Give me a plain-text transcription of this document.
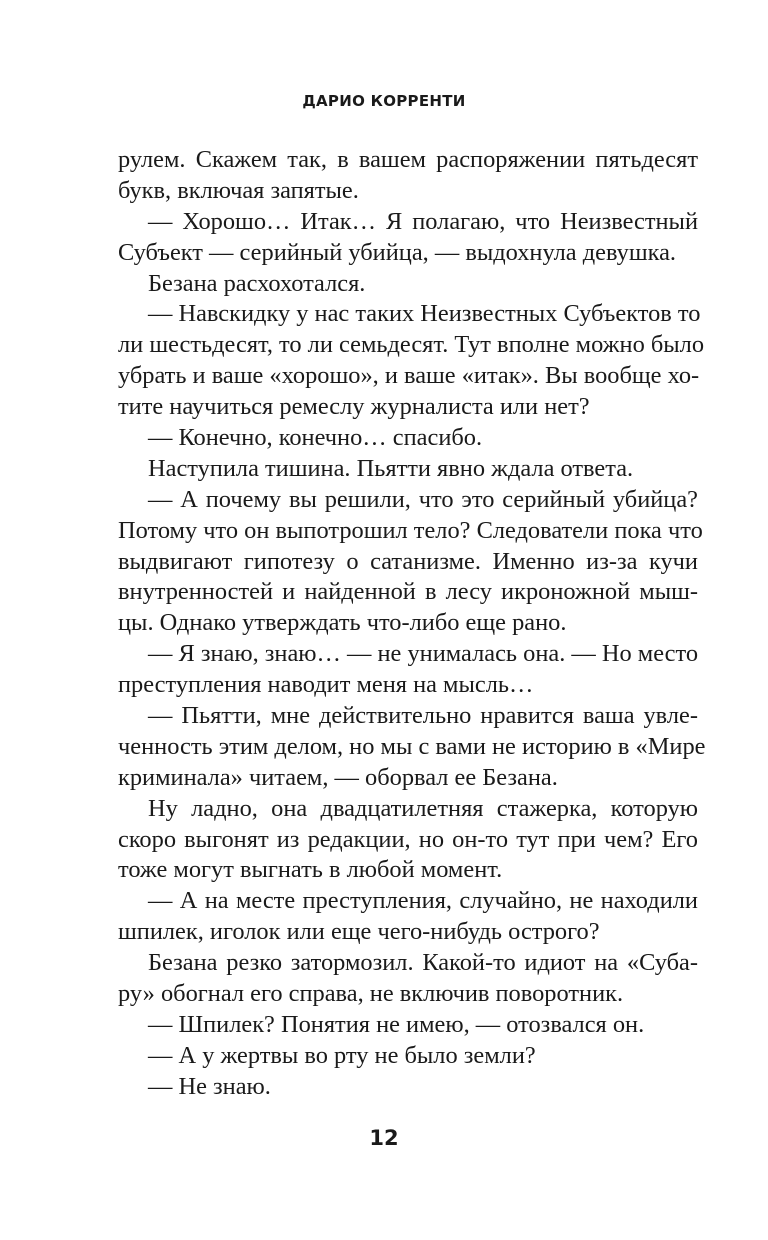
ДАРИО КОРРЕНТИ
рулем. Скажем так, в вашем распоряжении пятьдесят
букв, включая запятые.
— Хорошо… Итак… Я полагаю, что Неизвестный
Субъект — серийный убийца, — выдохнула девушка.
Безана расхохотался.
— Навскидку у нас таких Неизвестных Субъектов то
ли шестьдесят, то ли семьдесят. Тут вполне можно было
убрать и ваше «хорошо», и ваше «итак». Вы вообще хо-
тите научиться ремеслу журналиста или нет?
— Конечно, конечно… спасибо.
Наступила тишина. Пьятти явно ждала ответа.
— А почему вы решили, что это серийный убийца?
Потому что он выпотрошил тело? Следователи пока что
выдвигают гипотезу о сатанизме. Именно из-за кучи
внутренностей и найденной в лесу икроножной мыш-
цы. Однако утверждать что-либо еще рано.
— Я знаю, знаю… — не унималась она. — Но место
преступления наводит меня на мысль…
— Пьятти, мне действительно нравится ваша увле-
ченность этим делом, но мы с вами не историю в «Мире
криминала» читаем, — оборвал ее Безана.
Ну ладно, она двадцатилетняя стажерка, которую
скоро выгонят из редакции, но он-то тут при чем? Его
тоже могут выгнать в любой момент.
— А на месте преступления, случайно, не находили
шпилек, иголок или еще чего-нибудь острого?
Безана резко затормозил. Какой-то идиот на «Суба-
ру» обогнал его справа, не включив поворотник.
— Шпилек? Понятия не имею, — отозвался он.
— А у жертвы во рту не было земли?
— Не знаю.
12
